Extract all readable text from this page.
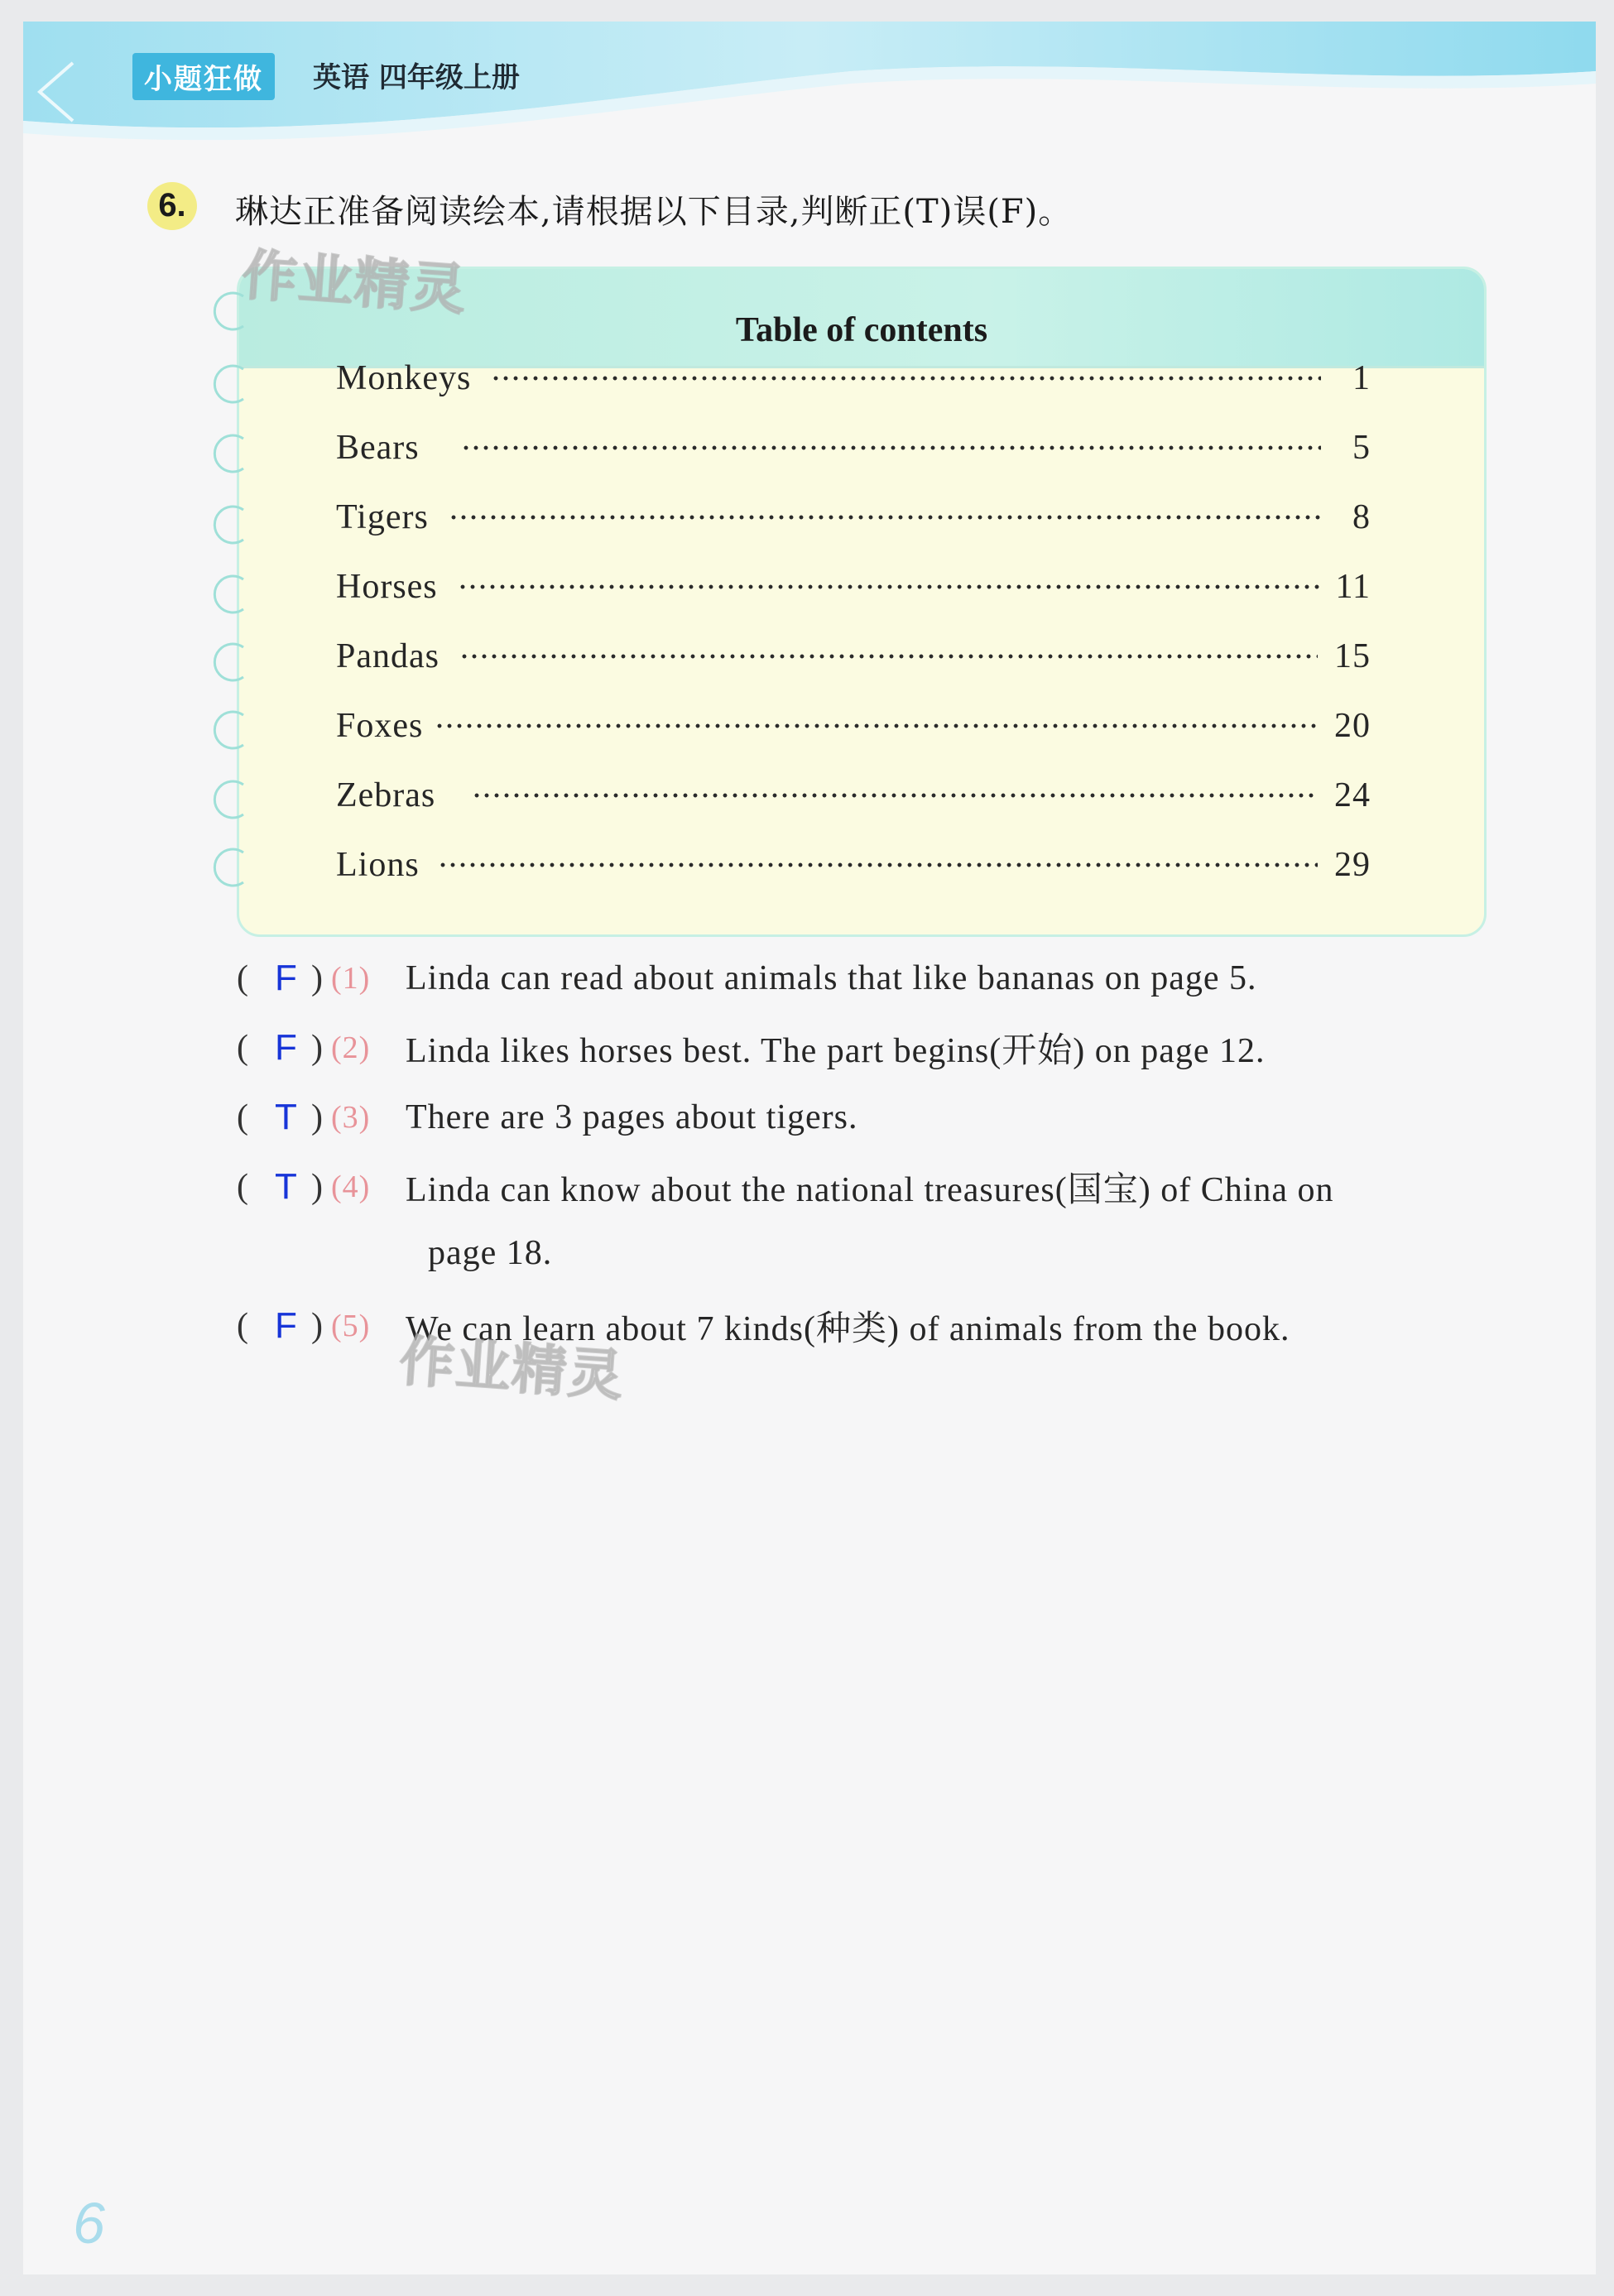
小题狂做	英语 四年级上册
6. 琳达正准备阅读绘本,请根据以下目录,判断正(T)误(F)。
Table of contents
Monkeys	1
Bears	5
Tigers	8
Horses	11
Pandas	15
Foxes	20
Zebras	24
Lions	29
( F ) (1)	Linda can read about animals that like bananas on page 5.
( F ) (2)	Linda likes horses best. The part begins(开始) on page 12.
( T ) (3)	There are 3 pages about tigers.
( T ) (4)	Linda can know about the national treasures(国宝) of China on
page 18.
( F ) (5)	We can learn about 7 kinds(种类) of animals from the book.
作业精灵
作业精灵
6
